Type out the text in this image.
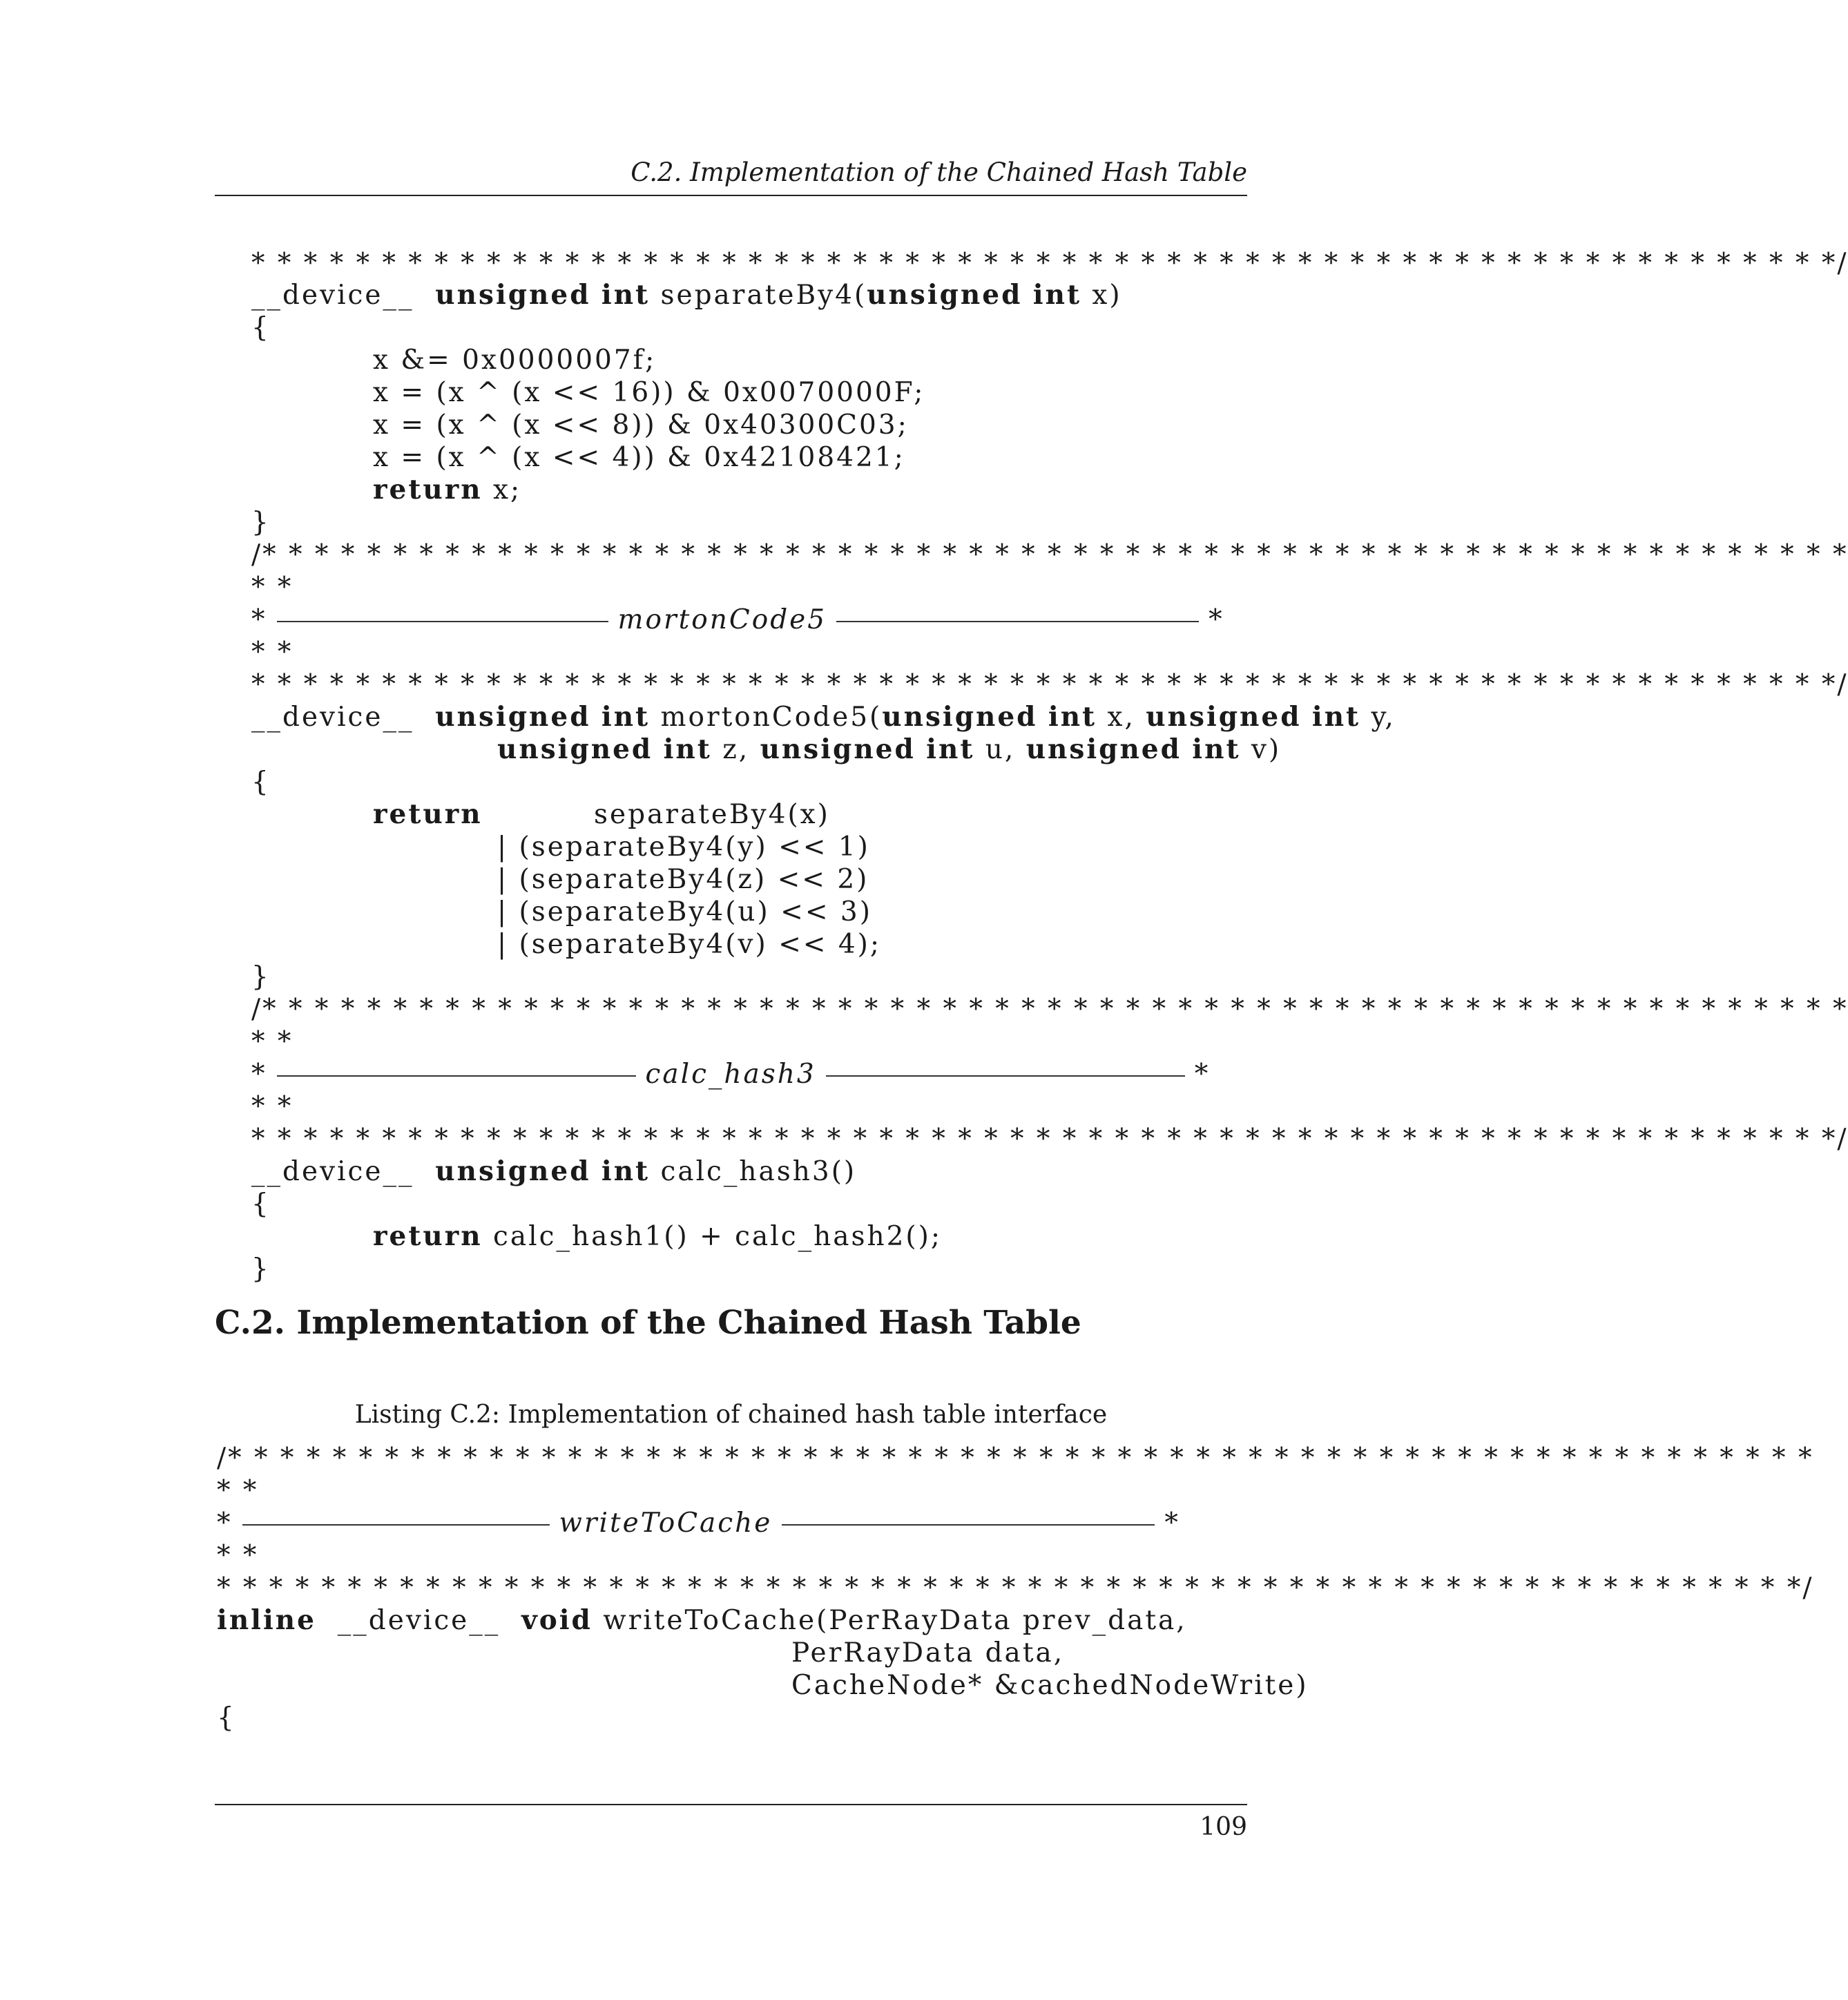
C.2. Implementation of the Chained Hash Table

* * * * * * * * * * * * * * * * * * * * * * * * * * * * * * * * * * * * * * * * * * * * * * * * * * * * * * * * * * * * */

__device__ unsigned int separateBy4(unsigned int x)

{

x &= 0x0000007f;

x = (x ^ (x << 16)) & 0x0070000F;

x = (x ^ (x << 8)) & 0x40300C03;

x = (x ^ (x << 4)) & 0x42108421;

return x;

}

/* * * * * * * * * * * * * * * * * * * * * * * * * * * * * * * * * * * * * * * * * * * * * * * * * * * * * * * * * * * * *

* *

*	mortonCode5	*

* *

* * * * * * * * * * * * * * * * * * * * * * * * * * * * * * * * * * * * * * * * * * * * * * * * * * * * * * * * * * * * */

__device__ unsigned int mortonCode5(unsigned int x, unsigned int y,

unsigned int z, unsigned int u, unsigned int v)

{

return

	separateBy4(x)

| (separateBy4(y) << 1)

| (separateBy4(z) << 2)

| (separateBy4(u) << 3)

| (separateBy4(v) << 4);

}

/* * * * * * * * * * * * * * * * * * * * * * * * * * * * * * * * * * * * * * * * * * * * * * * * * * * * * * * * * * * * *

* *

*	calc_hash3	*

* *

* * * * * * * * * * * * * * * * * * * * * * * * * * * * * * * * * * * * * * * * * * * * * * * * * * * * * * * * * * * * */

__device__ unsigned int calc_hash3()

{

return calc_hash1() + calc_hash2();

}

C.2. Implementation of the Chained Hash Table
Listing C.2: Implementation of chained hash table interface

/* * * * * * * * * * * * * * * * * * * * * * * * * * * * * * * * * * * * * * * * * * * * * * * * * * * * * * * * * * * * *

* *

*	writeToCache	*

* *

* * * * * * * * * * * * * * * * * * * * * * * * * * * * * * * * * * * * * * * * * * * * * * * * * * * * * * * * * * * * */

inline __device__ void writeToCache(PerRayData prev_data,

PerRayData data,

CacheNode* &cachedNodeWrite)

{

109
